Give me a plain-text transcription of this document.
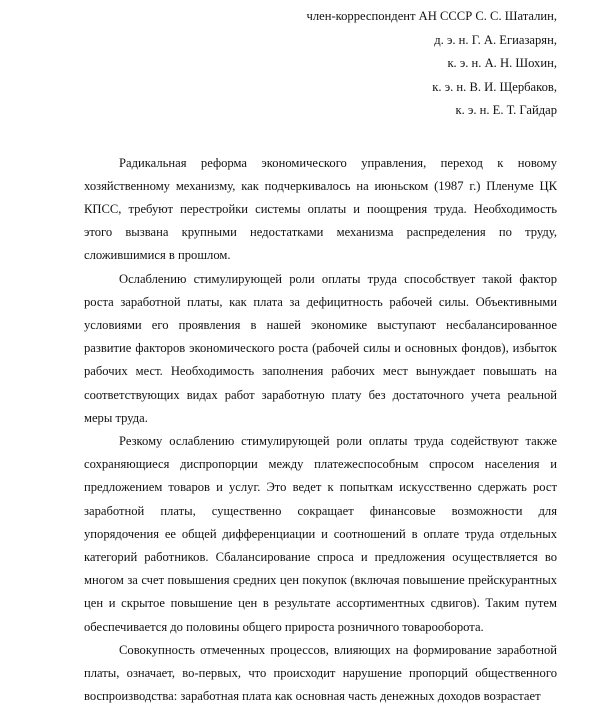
член-корреспондент АН СССР С. С. Шаталин,
д. э. н. Г. А. Егиазарян,
к. э. н. А. Н. Шохин,
к. э. н. В. И. Щербаков,
к. э. н. Е. Т. Гайдар

Радикальная реформа экономического управления, переход к новому хозяйственному механизму, как подчеркивалось на июньском (1987 г.) Пленуме ЦК КПСС, требуют перестройки системы оплаты и поощрения труда. Необходимость этого вызвана крупными недостатками механизма распределения по труду, сложившимися в прошлом.

Ослаблению стимулирующей роли оплаты труда способствует такой фактор роста заработной платы, как плата за дефицитность рабочей силы. Объективными условиями его проявления в нашей экономике выступают несбалансированное развитие факторов экономического роста (рабочей силы и основных фондов), избыток рабочих мест. Необходимость заполнения рабочих мест вынуждает повышать на соответствующих видах работ заработную плату без достаточного учета реальной меры труда.

Резкому ослаблению стимулирующей роли оплаты труда содействуют также сохраняющиеся диспропорции между платежеспособным спросом населения и предложением товаров и услуг. Это ведет к попыткам искусственно сдержать рост заработной платы, существенно сокращает финансовые возможности для упорядочения ее общей дифференциации и соотношений в оплате труда отдельных категорий работников. Сбалансирование спроса и предложения осуществляется во многом за счет повышения средних цен покупок (включая повышение прейскурантных цен и скрытое повышение цен в результате ассортиментных сдвигов). Таким путем обеспечивается до половины общего прироста розничного товарооборота.

Совокупность отмеченных процессов, влияющих на формирование заработной платы, означает, во-первых, что происходит нарушение пропорций общественного воспроизводства: заработная плата как основная часть денежных доходов возрастает
